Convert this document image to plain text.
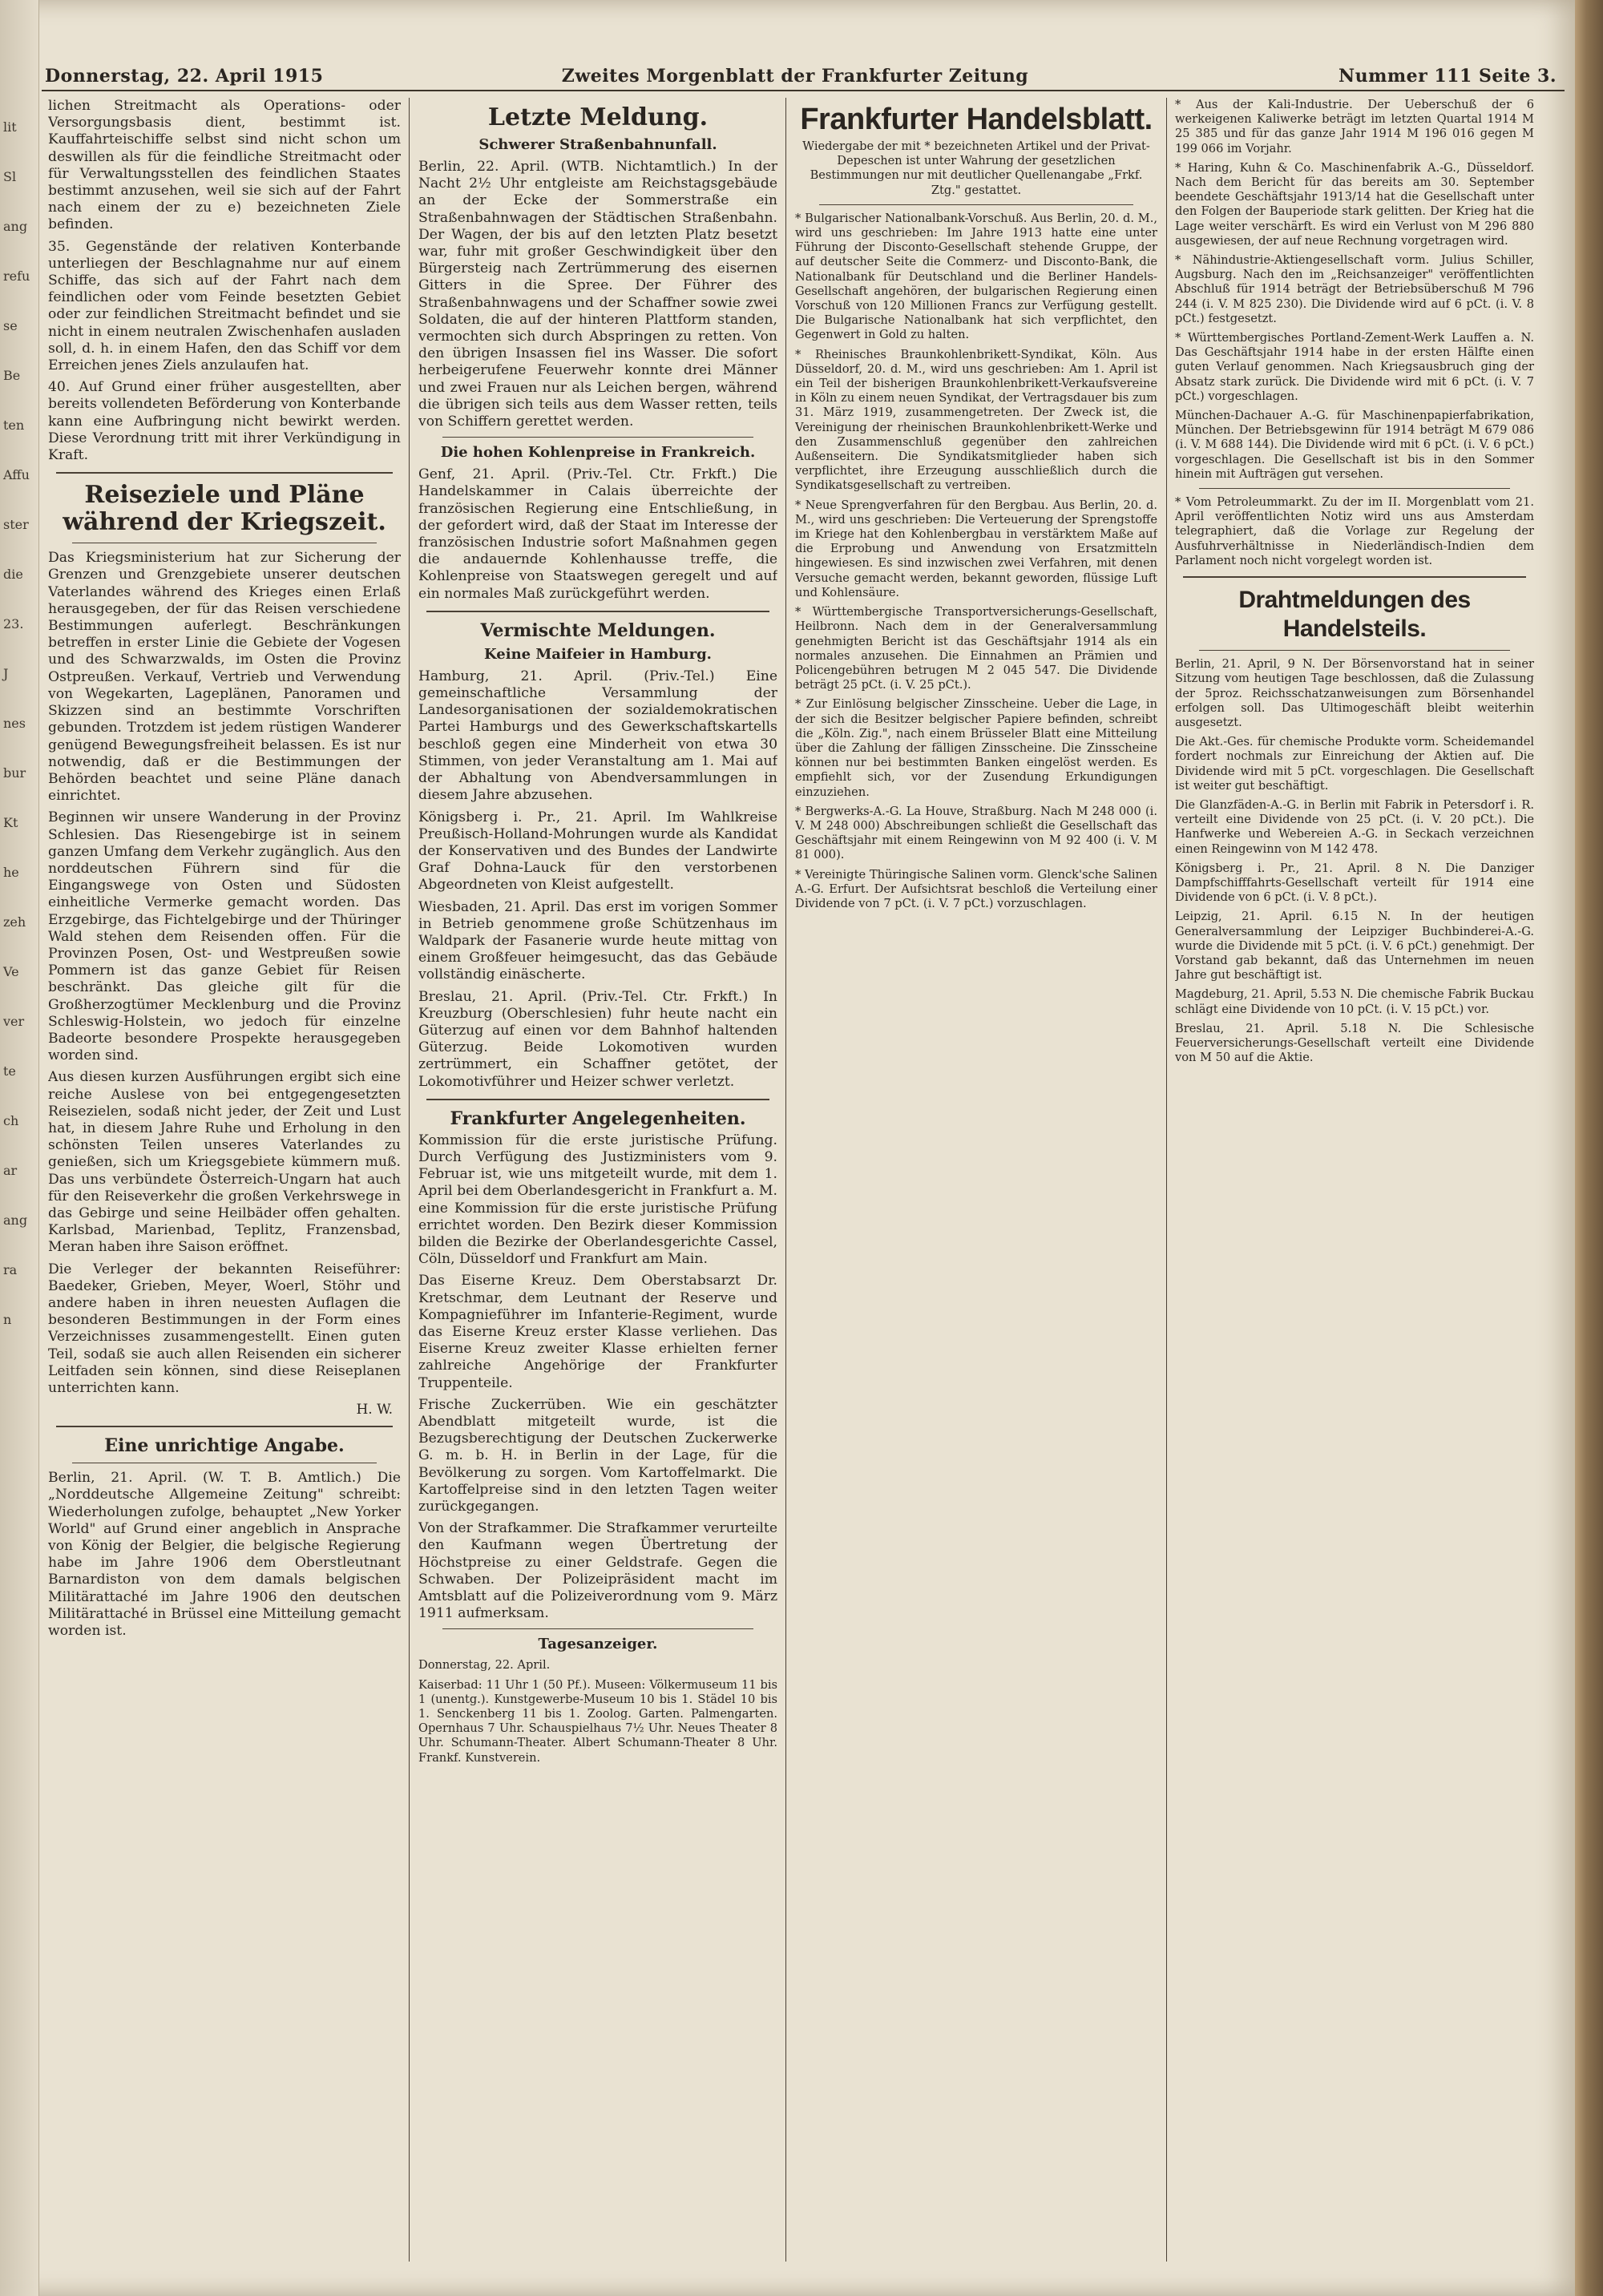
lit
Sl
ang
refu
se
Be
ten
Affu
ster
die
23.
J
nes
bur
Kt
he
zeh
Ve
ver
te
ch
ar
ang
ra
n
Donnerstag, 22. April 1915	Zweites Morgenblatt der Frankfurter Zeitung	Nummer 111 Seite 3.

lichen Streitmacht als Operations- oder Versorgungsbasis dient, bestimmt ist. Kauffahrteischiffe selbst sind nicht schon um deswillen als für die feindliche Streitmacht oder für Verwaltungsstellen des feindlichen Staates bestimmt anzusehen, weil sie sich auf der Fahrt nach einem der zu e) bezeichneten Ziele befinden.

35. Gegenstände der relativen Konterbande unterliegen der Beschlagnahme nur auf einem Schiffe, das sich auf der Fahrt nach dem feindlichen oder vom Feinde besetzten Gebiet oder zur feindlichen Streitmacht befindet und sie nicht in einem neutralen Zwischenhafen ausladen soll, d. h. in einem Hafen, den das Schiff vor dem Erreichen jenes Ziels anzulaufen hat.

40. Auf Grund einer früher ausgestellten, aber bereits vollendeten Beförderung von Konterbande kann eine Aufbringung nicht bewirkt werden. Diese Verordnung tritt mit ihrer Verkündigung in Kraft.

Reiseziele und Pläne während der Kriegszeit.

Das Kriegsministerium hat zur Sicherung der Grenzen und Grenzgebiete unserer deutschen Vaterlandes während des Krieges einen Erlaß herausgegeben, der für das Reisen verschiedene Bestimmungen auferlegt. Beschränkungen betreffen in erster Linie die Gebiete der Vogesen und des Schwarzwalds, im Osten die Provinz Ostpreußen. Verkauf, Vertrieb und Verwendung von Wegekarten, Lageplänen, Panoramen und Skizzen sind an bestimmte Vorschriften gebunden. Trotzdem ist jedem rüstigen Wanderer genügend Bewegungsfreiheit belassen. Es ist nur notwendig, daß er die Bestimmungen der Behörden beachtet und seine Pläne danach einrichtet.

Beginnen wir unsere Wanderung in der Provinz Schlesien. Das Riesengebirge ist in seinem ganzen Umfang dem Verkehr zugänglich. Aus den norddeutschen Führern sind für die Eingangswege von Osten und Südosten einheitliche Vermerke gemacht worden. Das Erzgebirge, das Fichtelgebirge und der Thüringer Wald stehen dem Reisenden offen. Für die Provinzen Posen, Ost- und Westpreußen sowie Pommern ist das ganze Gebiet für Reisen beschränkt. Das gleiche gilt für die Großherzogtümer Mecklenburg und die Provinz Schleswig-Holstein, wo jedoch für einzelne Badeorte besondere Prospekte herausgegeben worden sind.

Aus diesen kurzen Ausführungen ergibt sich eine reiche Auslese von bei entgegengesetzten Reisezielen, sodaß nicht jeder, der Zeit und Lust hat, in diesem Jahre Ruhe und Erholung in den schönsten Teilen unseres Vaterlandes zu genießen, sich um Kriegsgebiete kümmern muß. Das uns verbündete Österreich-Ungarn hat auch für den Reiseverkehr die großen Verkehrswege in das Gebirge und seine Heilbäder offen gehalten. Karlsbad, Marienbad, Teplitz, Franzensbad, Meran haben ihre Saison eröffnet.

Die Verleger der bekannten Reiseführer: Baedeker, Grieben, Meyer, Woerl, Stöhr und andere haben in ihren neuesten Auflagen die besonderen Bestimmungen in der Form eines Verzeichnisses zusammengestellt. Einen guten Teil, sodaß sie auch allen Reisenden ein sicherer Leitfaden sein können, sind diese Reiseplanen unterrichten kann.

H. W.
Eine unrichtige Angabe.

Berlin, 21. April. (W. T. B. Amtlich.) Die „Norddeutsche Allgemeine Zeitung" schreibt: Wiederholungen zufolge, behauptet „New Yorker World" auf Grund einer angeblich in Ansprache von König der Belgier, die belgische Regierung habe im Jahre 1906 dem Oberstleutnant Barnardiston von dem damals belgischen Militärattaché im Jahre 1906 den deutschen Militärattaché in Brüssel eine Mitteilung gemacht worden ist.

Letzte Meldung.
Schwerer Straßenbahnunfall.

Berlin, 22. April. (WTB. Nichtamtlich.) In der Nacht 2½ Uhr entgleiste am Reichstagsgebäude an der Ecke der Sommerstraße ein Straßenbahnwagen der Städtischen Straßenbahn. Der Wagen, der bis auf den letzten Platz besetzt war, fuhr mit großer Geschwindigkeit über den Bürgersteig nach Zertrümmerung des eisernen Gitters in die Spree. Der Führer des Straßenbahnwagens und der Schaffner sowie zwei Soldaten, die auf der hinteren Plattform standen, vermochten sich durch Abspringen zu retten. Von den übrigen Insassen fiel ins Wasser. Die sofort herbeigerufene Feuerwehr konnte drei Männer und zwei Frauen nur als Leichen bergen, während die übrigen sich teils aus dem Wasser retten, teils von Schiffern gerettet werden.

Die hohen Kohlenpreise in Frankreich.

Genf, 21. April. (Priv.-Tel. Ctr. Frkft.) Die Handelskammer in Calais überreichte der französischen Regierung eine Entschließung, in der gefordert wird, daß der Staat im Interesse der französischen Industrie sofort Maßnahmen gegen die andauernde Kohlenhausse treffe, die Kohlenpreise von Staatswegen geregelt und auf ein normales Maß zurückgeführt werden.

Vermischte Meldungen.
Keine Maifeier in Hamburg.

Hamburg, 21. April. (Priv.-Tel.) Eine gemeinschaftliche Versammlung der Landesorganisationen der sozialdemokratischen Partei Hamburgs und des Gewerkschaftskartells beschloß gegen eine Minderheit von etwa 30 Stimmen, von jeder Veranstaltung am 1. Mai auf der Abhaltung von Abendversammlungen in diesem Jahre abzusehen.

Königsberg i. Pr., 21. April. Im Wahlkreise Preußisch-Holland-Mohrungen wurde als Kandidat der Konservativen und des Bundes der Landwirte Graf Dohna-Lauck für den verstorbenen Abgeordneten von Kleist aufgestellt.

Wiesbaden, 21. April. Das erst im vorigen Sommer in Betrieb genommene große Schützenhaus im Waldpark der Fasanerie wurde heute mittag von einem Großfeuer heimgesucht, das das Gebäude vollständig einäscherte.

Breslau, 21. April. (Priv.-Tel. Ctr. Frkft.) In Kreuzburg (Oberschlesien) fuhr heute nacht ein Güterzug auf einen vor dem Bahnhof haltenden Güterzug. Beide Lokomotiven wurden zertrümmert, ein Schaffner getötet, der Lokomotivführer und Heizer schwer verletzt.

Frankfurter Angelegenheiten.

Kommission für die erste juristische Prüfung. Durch Verfügung des Justizministers vom 9. Februar ist, wie uns mitgeteilt wurde, mit dem 1. April bei dem Oberlandesgericht in Frankfurt a. M. eine Kommission für die erste juristische Prüfung errichtet worden. Den Bezirk dieser Kommission bilden die Bezirke der Oberlandesgerichte Cassel, Cöln, Düsseldorf und Frankfurt am Main.

Das Eiserne Kreuz. Dem Oberstabsarzt Dr. Kretschmar, dem Leutnant der Reserve und Kompagnieführer im Infanterie-Regiment, wurde das Eiserne Kreuz erster Klasse verliehen. Das Eiserne Kreuz zweiter Klasse erhielten ferner zahlreiche Angehörige der Frankfurter Truppenteile.

Frische Zuckerrüben. Wie ein geschätzter Abendblatt mitgeteilt wurde, ist die Bezugsberechtigung der Deutschen Zuckerwerke G. m. b. H. in Berlin in der Lage, für die Bevölkerung zu sorgen. Vom Kartoffelmarkt. Die Kartoffelpreise sind in den letzten Tagen weiter zurückgegangen.

Von der Strafkammer. Die Strafkammer verurteilte den Kaufmann wegen Übertretung der Höchstpreise zu einer Geldstrafe. Gegen die Schwaben. Der Polizeipräsident macht im Amtsblatt auf die Polizeiverordnung vom 9. März 1911 aufmerksam.

Tagesanzeiger.

Donnerstag, 22. April.

Kaiserbad: 11 Uhr 1 (50 Pf.). Museen: Völkermuseum 11 bis 1 (unentg.). Kunstgewerbe-Museum 10 bis 1. Städel 10 bis 1. Senckenberg 11 bis 1. Zoolog. Garten. Palmengarten. Opernhaus 7 Uhr. Schauspielhaus 7½ Uhr. Neues Theater 8 Uhr. Schumann-Theater. Albert Schumann-Theater 8 Uhr. Frankf. Kunstverein.

Frankfurter Handelsblatt.

Wiedergabe der mit * bezeichneten Artikel und der Privat-Depeschen ist unter Wahrung der gesetzlichen Bestimmungen nur mit deutlicher Quellenangabe „Frkf. Ztg." gestattet.

* Bulgarischer Nationalbank-Vorschuß. Aus Berlin, 20. d. M., wird uns geschrieben: Im Jahre 1913 hatte eine unter Führung der Disconto-Gesellschaft stehende Gruppe, der auf deutscher Seite die Commerz- und Disconto-Bank, die Nationalbank für Deutschland und die Berliner Handels-Gesellschaft angehören, der bulgarischen Regierung einen Vorschuß von 120 Millionen Francs zur Verfügung gestellt. Die Bulgarische Nationalbank hat sich verpflichtet, den Gegenwert in Gold zu halten.

* Rheinisches Braunkohlenbrikett-Syndikat, Köln. Aus Düsseldorf, 20. d. M., wird uns geschrieben: Am 1. April ist ein Teil der bisherigen Braunkohlenbrikett-Verkaufsvereine in Köln zu einem neuen Syndikat, der Vertragsdauer bis zum 31. März 1919, zusammengetreten. Der Zweck ist, die Vereinigung der rheinischen Braunkohlenbrikett-Werke und den Zusammenschluß gegenüber den zahlreichen Außenseitern. Die Syndikatsmitglieder haben sich verpflichtet, ihre Erzeugung ausschließlich durch die Syndikatsgesellschaft zu vertreiben.

* Neue Sprengverfahren für den Bergbau. Aus Berlin, 20. d. M., wird uns geschrieben: Die Verteuerung der Sprengstoffe im Kriege hat den Kohlenbergbau in verstärktem Maße auf die Erprobung und Anwendung von Ersatzmitteln hingewiesen. Es sind inzwischen zwei Verfahren, mit denen Versuche gemacht werden, bekannt geworden, flüssige Luft und Kohlensäure.

* Württembergische Transportversicherungs-Gesellschaft, Heilbronn. Nach dem in der Generalversammlung genehmigten Bericht ist das Geschäftsjahr 1914 als ein normales anzusehen. Die Einnahmen an Prämien und Policengebühren betrugen M 2 045 547. Die Dividende beträgt 25 pCt. (i. V. 25 pCt.).

* Zur Einlösung belgischer Zinsscheine. Ueber die Lage, in der sich die Besitzer belgischer Papiere befinden, schreibt die „Köln. Zig.", nach einem Brüsseler Blatt eine Mitteilung über die Zahlung der fälligen Zinsscheine. Die Zinsscheine können nur bei bestimmten Banken eingelöst werden. Es empfiehlt sich, vor der Zusendung Erkundigungen einzuziehen.

* Bergwerks-A.-G. La Houve, Straßburg. Nach M 248 000 (i. V. M 248 000) Abschreibungen schließt die Gesellschaft das Geschäftsjahr mit einem Reingewinn von M 92 400 (i. V. M 81 000).

* Vereinigte Thüringische Salinen vorm. Glenck'sche Salinen A.-G. Erfurt. Der Aufsichtsrat beschloß die Verteilung einer Dividende von 7 pCt. (i. V. 7 pCt.) vorzuschlagen.

* Aus der Kali-Industrie. Der Ueberschuß der 6 werkeigenen Kaliwerke beträgt im letzten Quartal 1914 M 25 385 und für das ganze Jahr 1914 M 196 016 gegen M 199 066 im Vorjahr.

* Haring, Kuhn & Co. Maschinenfabrik A.-G., Düsseldorf. Nach dem Bericht für das bereits am 30. September beendete Geschäftsjahr 1913/14 hat die Gesellschaft unter den Folgen der Bauperiode stark gelitten. Der Krieg hat die Lage weiter verschärft. Es wird ein Verlust von M 296 880 ausgewiesen, der auf neue Rechnung vorgetragen wird.

* Nähindustrie-Aktiengesellschaft vorm. Julius Schiller, Augsburg. Nach den im „Reichsanzeiger" veröffentlichten Abschluß für 1914 beträgt der Betriebsüberschuß M 796 244 (i. V. M 825 230). Die Dividende wird auf 6 pCt. (i. V. 8 pCt.) festgesetzt.

* Württembergisches Portland-Zement-Werk Lauffen a. N. Das Geschäftsjahr 1914 habe in der ersten Hälfte einen guten Verlauf genommen. Nach Kriegsausbruch ging der Absatz stark zurück. Die Dividende wird mit 6 pCt. (i. V. 7 pCt.) vorgeschlagen.

München-Dachauer A.-G. für Maschinenpapierfabrikation, München. Der Betriebsgewinn für 1914 beträgt M 679 086 (i. V. M 688 144). Die Dividende wird mit 6 pCt. (i. V. 6 pCt.) vorgeschlagen. Die Gesellschaft ist bis in den Sommer hinein mit Aufträgen gut versehen.

* Vom Petroleummarkt. Zu der im II. Morgenblatt vom 21. April veröffentlichten Notiz wird uns aus Amsterdam telegraphiert, daß die Vorlage zur Regelung der Ausfuhrverhältnisse in Niederländisch-Indien dem Parlament noch nicht vorgelegt worden ist.

Drahtmeldungen des Handelsteils.

Berlin, 21. April, 9 N. Der Börsenvorstand hat in seiner Sitzung vom heutigen Tage beschlossen, daß die Zulassung der 5proz. Reichsschatzanweisungen zum Börsenhandel erfolgen soll. Das Ultimogeschäft bleibt weiterhin ausgesetzt.

Die Akt.-Ges. für chemische Produkte vorm. Scheidemandel fordert nochmals zur Einreichung der Aktien auf. Die Dividende wird mit 5 pCt. vorgeschlagen. Die Gesellschaft ist weiter gut beschäftigt.

Die Glanzfäden-A.-G. in Berlin mit Fabrik in Petersdorf i. R. verteilt eine Dividende von 25 pCt. (i. V. 20 pCt.). Die Hanfwerke und Webereien A.-G. in Seckach verzeichnen einen Reingewinn von M 142 478.

Königsberg i. Pr., 21. April. 8 N. Die Danziger Dampfschifffahrts-Gesellschaft verteilt für 1914 eine Dividende von 6 pCt. (i. V. 8 pCt.).

Leipzig, 21. April. 6.15 N. In der heutigen Generalversammlung der Leipziger Buchbinderei-A.-G. wurde die Dividende mit 5 pCt. (i. V. 6 pCt.) genehmigt. Der Vorstand gab bekannt, daß das Unternehmen im neuen Jahre gut beschäftigt ist.

Magdeburg, 21. April, 5.53 N. Die chemische Fabrik Buckau schlägt eine Dividende von 10 pCt. (i. V. 15 pCt.) vor.

Breslau, 21. April. 5.18 N. Die Schlesische Feuerversicherungs-Gesellschaft verteilt eine Dividende von M 50 auf die Aktie.
